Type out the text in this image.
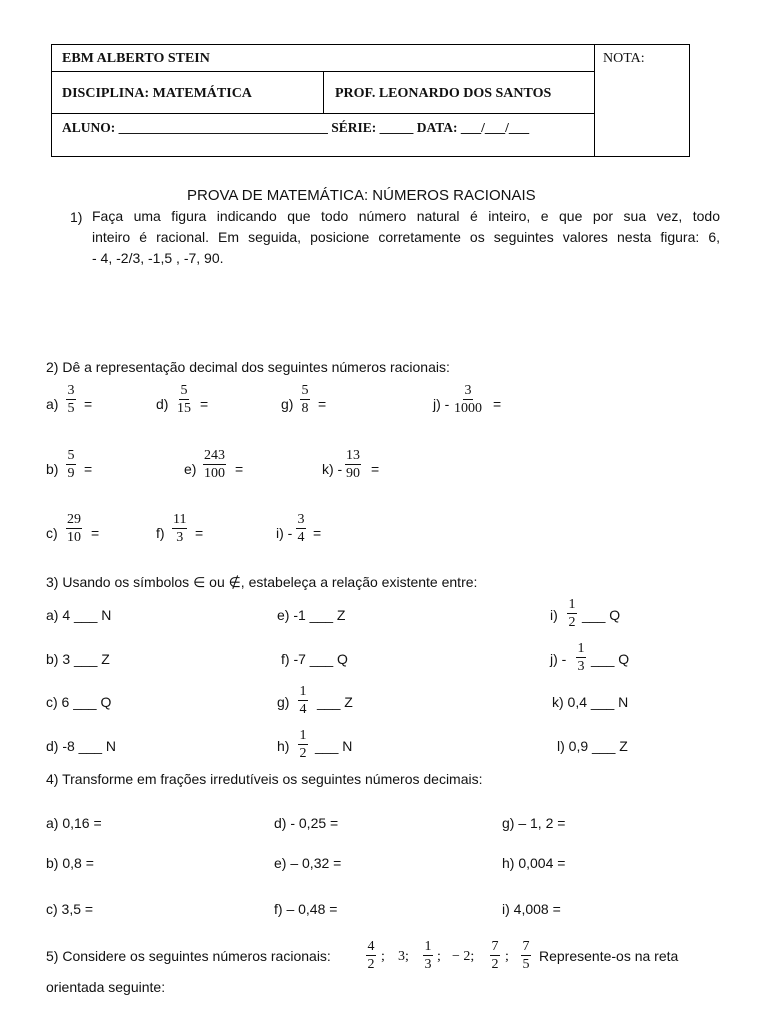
EBM ALBERTO STEIN	NOTA:
DISCIPLINA: MATEMÁTICA	PROF. LEONARDO DOS SANTOS
ALUNO: _______________________________ SÉRIE: _____ DATA: ___/___/___
PROVA DE MATEMÁTICA: NÚMEROS RACIONAIS
1) Faça uma figura indicando que todo número natural é inteiro, e que por sua vez, todo
inteiro é racional. Em seguida, posicione corretamente os seguintes valores nesta figura: 6,
- 4, -2/3, -1,5 , -7, 90.
2) Dê a representação decimal dos seguintes números racionais:
$a) \frac{3}{5}$ =	$d) \frac{5}{15}$ =	$g) \frac{5}{8}$ =	$j) - \frac{3}{1000}$ =
$b) \frac{5}{9}$ =	$e) \frac{243}{100}$ =	$k) - \frac{13}{90}$ =
$c) \frac{29}{10}$ =	$f) \frac{11}{3}$ =	$i) - \frac{3}{4}$ =
3) Usando os símbolos ∈ ou ∉, estabeleça a relação existente entre:
a) 4 ___ N	e) -1 ___ Z	$i) \frac{1}{2}$ ___ Q
b) 3 ___ Z	f) -7 ___ Q	$j) - \frac{1}{3}$ ___ Q
c) 6 ___ Q	$g) \frac{1}{4}$ ___ Z	k) 0,4 ___ N
d) -8 ___ N	$h) \frac{1}{2}$ ___ N	l) 0,9 ___ Z
4) Transforme em frações irredutíveis os seguintes números decimais:
a) 0,16 =	d) - 0,25 =	g) – 1, 2 =
b) 0,8 =	e) – 0,32 =	h) 0,004 =
c) 3,5 =	f) – 0,48 =	i) 4,008 =
5) Considere os seguintes números racionais:	$\frac{4}{2}$ ; 3; $\frac{1}{3}$ ; − 2; $\frac{7}{2}$ ; $\frac{7}{5}$ Represente-os na reta
orientada seguinte:
